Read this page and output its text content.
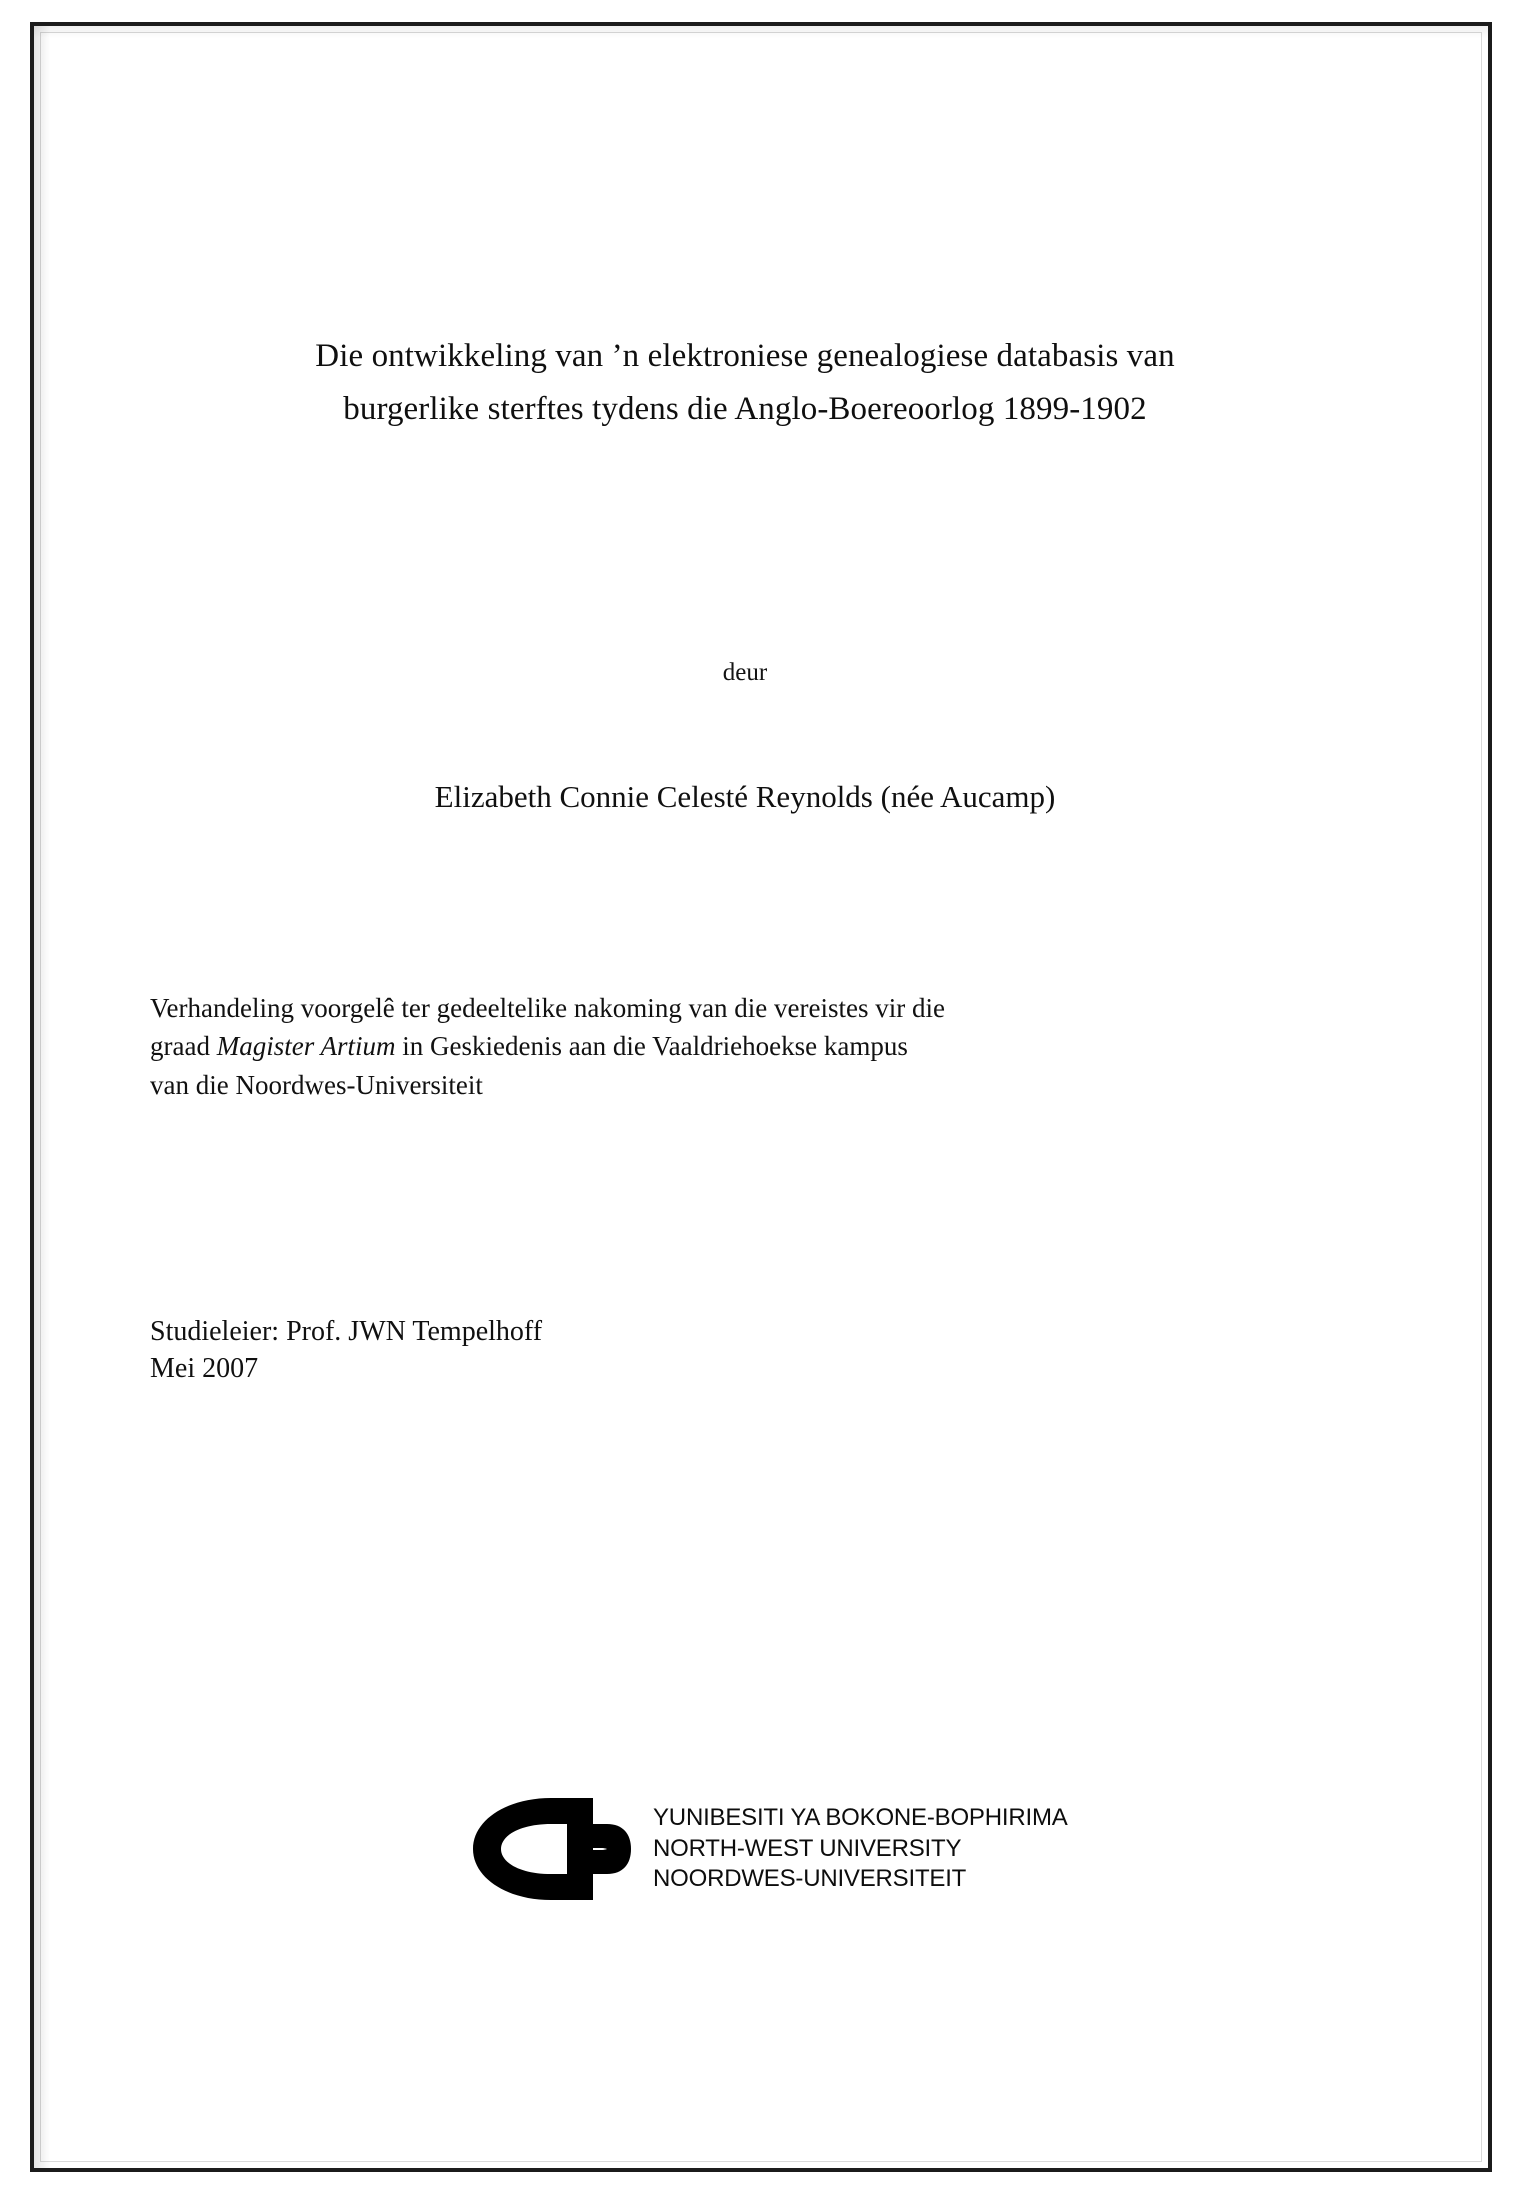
Die ontwikkeling van ’n elektroniese genealogiese databasis van
burgerlike sterftes tydens die Anglo-Boereoorlog 1899-1902
deur
Elizabeth Connie Celesté Reynolds (née Aucamp)
Verhandeling voorgelê ter gedeeltelike nakoming van die vereistes vir die
graad Magister Artium in Geskiedenis aan die Vaaldriehoekse kampus
van die Noordwes-Universiteit
Studieleier: Prof. JWN Tempelhoff
Mei 2007
YUNIBESITI YA BOKONE-BOPHIRIMA
NORTH-WEST UNIVERSITY
NOORDWES-UNIVERSITEIT
